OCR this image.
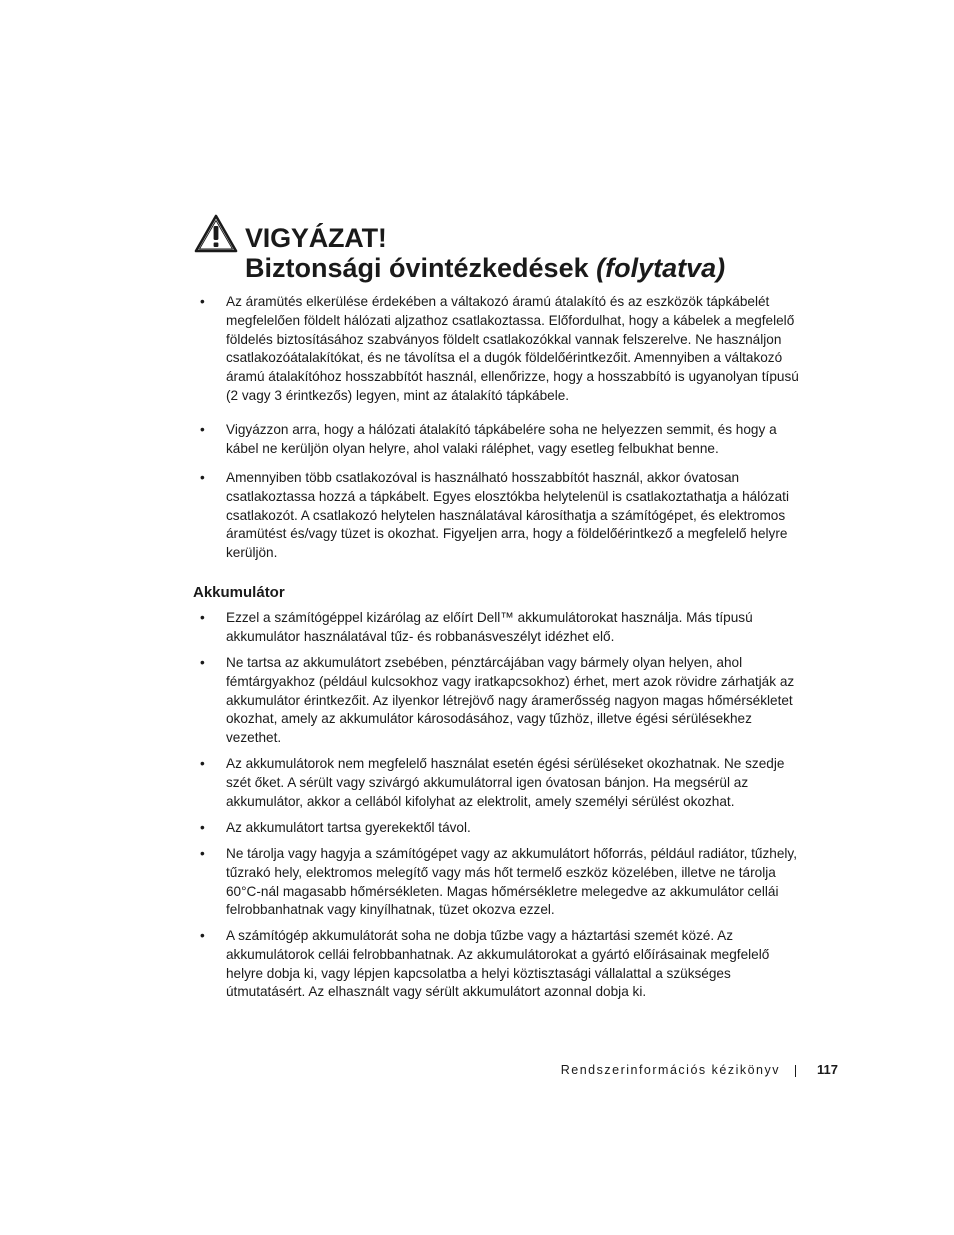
VIGYÁZAT!
Biztonsági óvintézkedések (folytatva)
•	Az áramütés elkerülése érdekében a váltakozó áramú átalakító és az eszközök tápkábelét megfelelően földelt hálózati aljzathoz csatlakoztassa. Előfordulhat, hogy a kábelek a megfelelő földelés biztosításához szabványos földelt csatlakozókkal vannak felszerelve. Ne használjon csatlakozóátalakítókat, és ne távolítsa el a dugók földelőérintkezőit. Amennyiben a váltakozó áramú átalakítóhoz hosszabbítót használ, ellenőrizze, hogy a hosszabbító is ugyanolyan típusú (2 vagy 3 érintkezős) legyen, mint az átalakító tápkábele.
•	Vigyázzon arra, hogy a hálózati átalakító tápkábelére soha ne helyezzen semmit, és hogy a kábel ne kerüljön olyan helyre, ahol valaki ráléphet, vagy esetleg felbukhat benne.
•	Amennyiben több csatlakozóval is használható hosszabbítót használ, akkor óvatosan csatlakoztassa hozzá a tápkábelt. Egyes elosztókba helytelenül is csatlakoztathatja a hálózati csatlakozót. A csatlakozó helytelen használatával károsíthatja a számítógépet, és elektromos áramütést és/vagy tüzet is okozhat. Figyeljen arra, hogy a földelőérintkező a megfelelő helyre kerüljön.
Akkumulátor
•	Ezzel a számítógéppel kizárólag az előírt Dell™ akkumulátorokat használja. Más típusú akkumulátor használatával tűz- és robbanásveszélyt idézhet elő.
•	Ne tartsa az akkumulátort zsebében, pénztárcájában vagy bármely olyan helyen, ahol fémtárgyakhoz (például kulcsokhoz vagy iratkapcsokhoz) érhet, mert azok rövidre zárhatják az akkumulátor érintkezőit. Az ilyenkor létrejövő nagy áramerősség nagyon magas hőmérsékletet okozhat, amely az akkumulátor károsodásához, vagy tűzhöz, illetve égési sérülésekhez vezethet.
•	Az akkumulátorok nem megfelelő használat esetén égési sérüléseket okozhatnak. Ne szedje szét őket. A sérült vagy szivárgó akkumulátorral igen óvatosan bánjon. Ha megsérül az akkumulátor, akkor a cellából kifolyhat az elektrolit, amely személyi sérülést okozhat.
•	Az akkumulátort tartsa gyerekektől távol.
•	Ne tárolja vagy hagyja a számítógépet vagy az akkumulátort hőforrás, például radiátor, tűzhely, tűzrakó hely, elektromos melegítő vagy más hőt termelő eszköz közelében, illetve ne tárolja 60°C-nál magasabb hőmérsékleten. Magas hőmérsékletre melegedve az akkumulátor cellái felrobbanhatnak vagy kinyílhatnak, tüzet okozva ezzel.
•	A számítógép akkumulátorát soha ne dobja tűzbe vagy a háztartási szemét közé. Az akkumulátorok cellái felrobbanhatnak. Az akkumulátorokat a gyártó előírásainak megfelelő helyre dobja ki, vagy lépjen kapcsolatba a helyi köztisztasági vállalattal a szükséges útmutatásért. Az elhasznált vagy sérült akkumulátort azonnal dobja ki.
Rendszerinformációs kézikönyv	117
